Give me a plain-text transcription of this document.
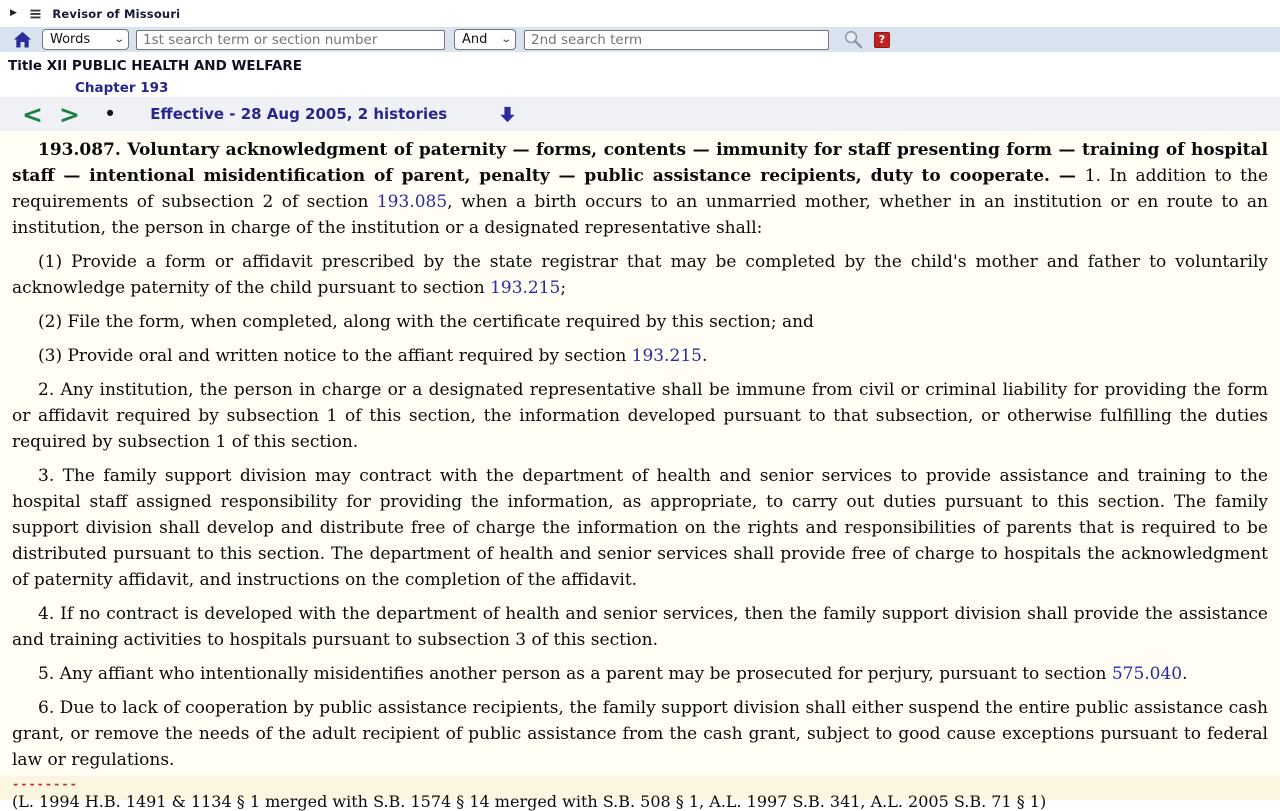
▶ ≡ Revisor of Missouri
Words ⌄
1st search term or section number	And ⌄
2nd search term	?
Title XII PUBLIC HEALTH AND WELFARE
Chapter 193
< > • Effective - 28 Aug 2005, 2 histories

193.087. Voluntary acknowledgment of paternity — forms, contents — immunity for staff presenting form — training of hospital staff — intentional misidentification of parent, penalty — public assistance recipients, duty to cooperate. — 1. In addition to the requirements of subsection 2 of section 193.085, when a birth occurs to an unmarried mother, whether in an institution or en route to an institution, the person in charge of the institution or a designated representative shall:

(1) Provide a form or affidavit prescribed by the state registrar that may be completed by the child's mother and father to voluntarily acknowledge paternity of the child pursuant to section 193.215;

(2) File the form, when completed, along with the certificate required by this section; and

(3) Provide oral and written notice to the affiant required by section 193.215.

2. Any institution, the person in charge or a designated representative shall be immune from civil or criminal liability for providing the form or affidavit required by subsection 1 of this section, the information developed pursuant to that subsection, or otherwise fulfilling the duties required by subsection 1 of this section.

3. The family support division may contract with the department of health and senior services to provide assistance and training to the hospital staff assigned responsibility for providing the information, as appropriate, to carry out duties pursuant to this section. The family support division shall develop and distribute free of charge the information on the rights and responsibilities of parents that is required to be distributed pursuant to this section. The department of health and senior services shall provide free of charge to hospitals the acknowledgment of paternity affidavit, and instructions on the completion of the affidavit.

4. If no contract is developed with the department of health and senior services, then the family support division shall provide the assistance and training activities to hospitals pursuant to subsection 3 of this section.

5. Any affiant who intentionally misidentifies another person as a parent may be prosecuted for perjury, pursuant to section 575.040.

6. Due to lack of cooperation by public assistance recipients, the family support division shall either suspend the entire public assistance cash grant, or remove the needs of the adult recipient of public assistance from the cash grant, subject to good cause exceptions pursuant to federal law or regulations.

--------
(L. 1994 H.B. 1491 & 1134 § 1 merged with S.B. 1574 § 14 merged with S.B. 508 § 1, A.L. 1997 S.B. 341, A.L. 2005 S.B. 71 § 1)
